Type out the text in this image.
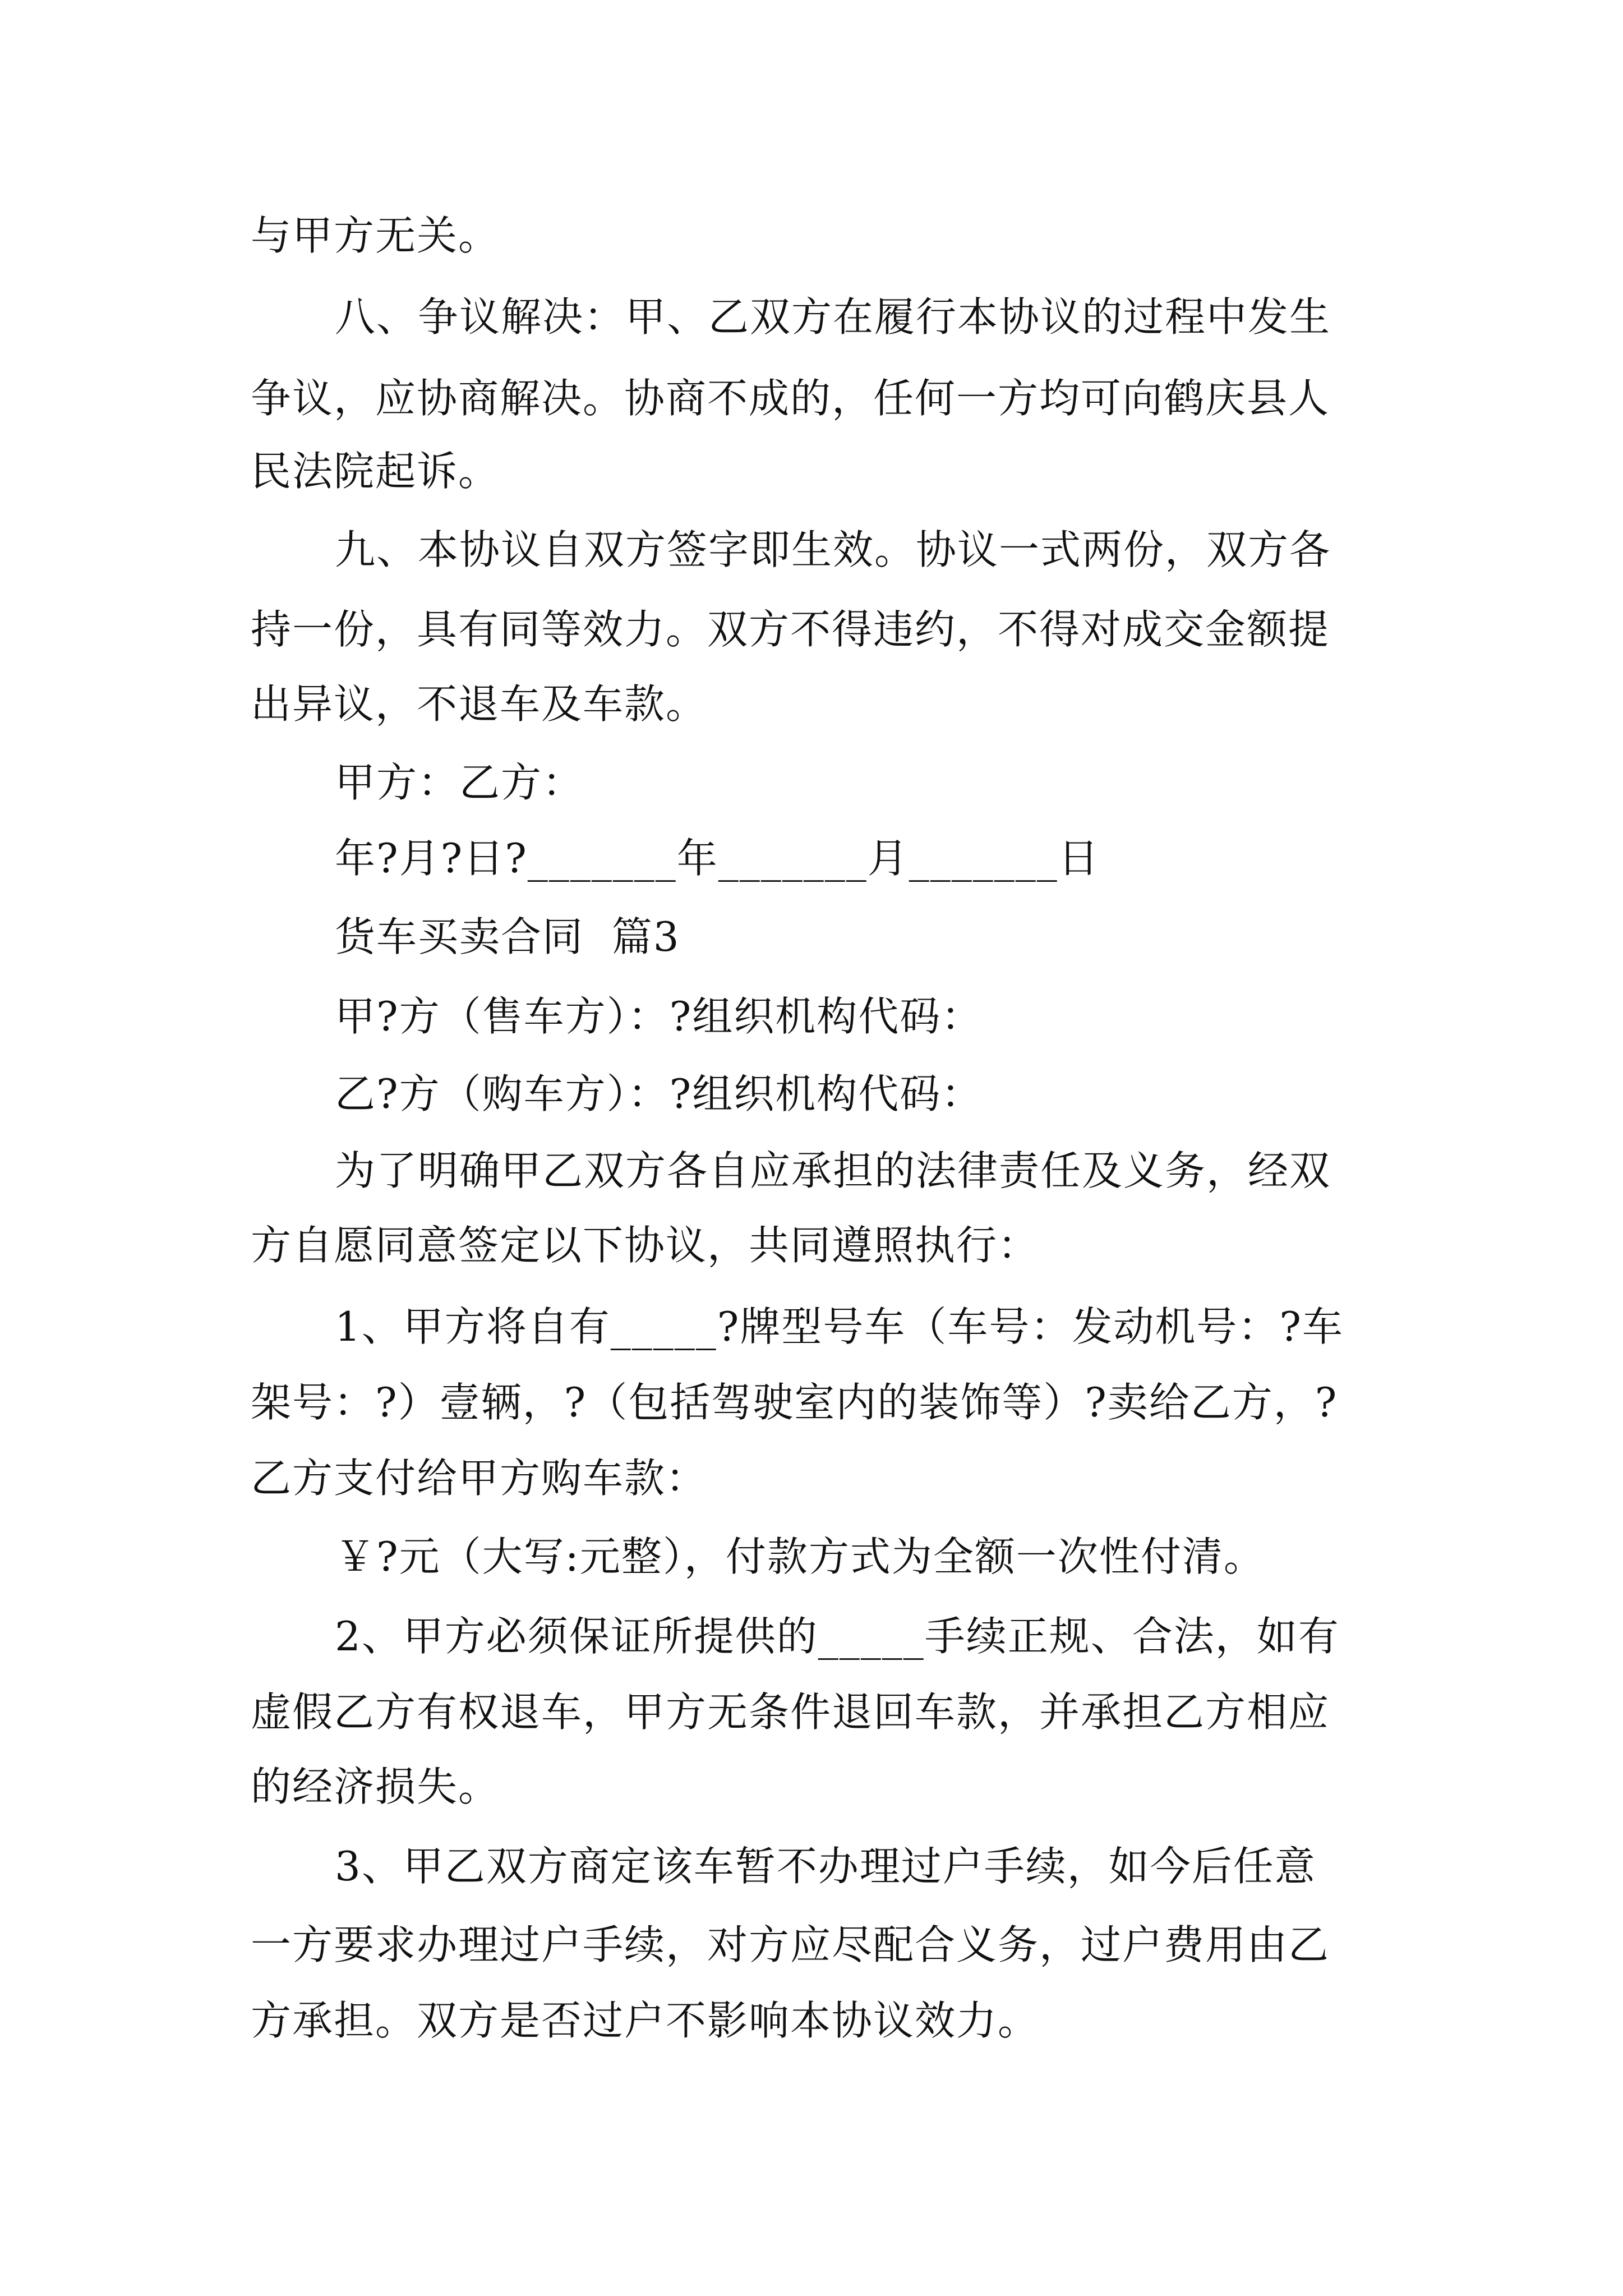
与甲方无关。

八、争议解决：甲、乙双方在履行本协议的过程中发生

争议，应协商解决。协商不成的，任何一方均可向鹤庆县人

民法院起诉。

九、本协议自双方签字即生效。协议一式两份，双方各

持一份，具有同等效力。双方不得违约，不得对成交金额提

出异议，不退车及车款。

甲方：乙方：

年?月?日?_______年_______月_______日

货车买卖合同  篇3

甲?方（售车方）：?组织机构代码：

乙?方（购车方）：?组织机构代码：

为了明确甲乙双方各自应承担的法律责任及义务，经双

方自愿同意签定以下协议，共同遵照执行：

1、甲方将自有_____?牌型号车（车号：发动机号：?车

架号：?）壹辆，?（包括驾驶室内的装饰等）?卖给乙方，?

乙方支付给甲方购车款：

￥?元（大写:元整），付款方式为全额一次性付清。

2、甲方必须保证所提供的_____手续正规、合法，如有

虚假乙方有权退车，甲方无条件退回车款，并承担乙方相应

的经济损失。

3、甲乙双方商定该车暂不办理过户手续，如今后任意

一方要求办理过户手续，对方应尽配合义务，过户费用由乙

方承担。双方是否过户不影响本协议效力。
